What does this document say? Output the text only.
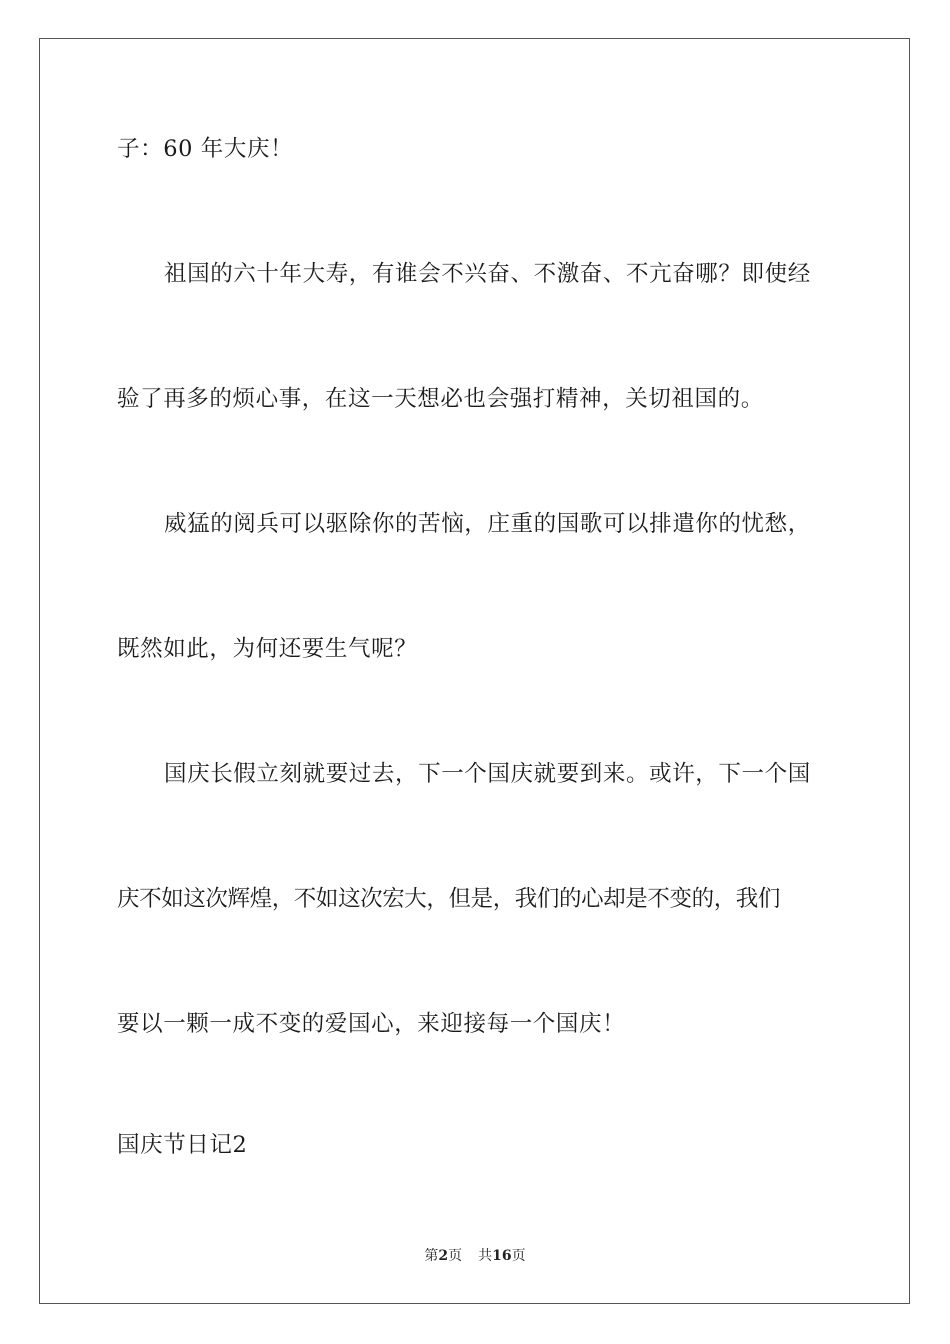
子：60 年大庆！
祖国的六十年大寿，有谁会不兴奋、不激奋、不亢奋哪？即使经
验了再多的烦心事，在这一天想必也会强打精神，关切祖国的。
威猛的阅兵可以驱除你的苦恼，庄重的国歌可以排遣你的忧愁，
既然如此，为何还要生气呢？
国庆长假立刻就要过去，下一个国庆就要到来。或许，下一个国
庆不如这次辉煌，不如这次宏大，但是，我们的心却是不变的，我们
要以一颗一成不变的爱国心，来迎接每一个国庆！
国庆节日记2
第2页 共16页
